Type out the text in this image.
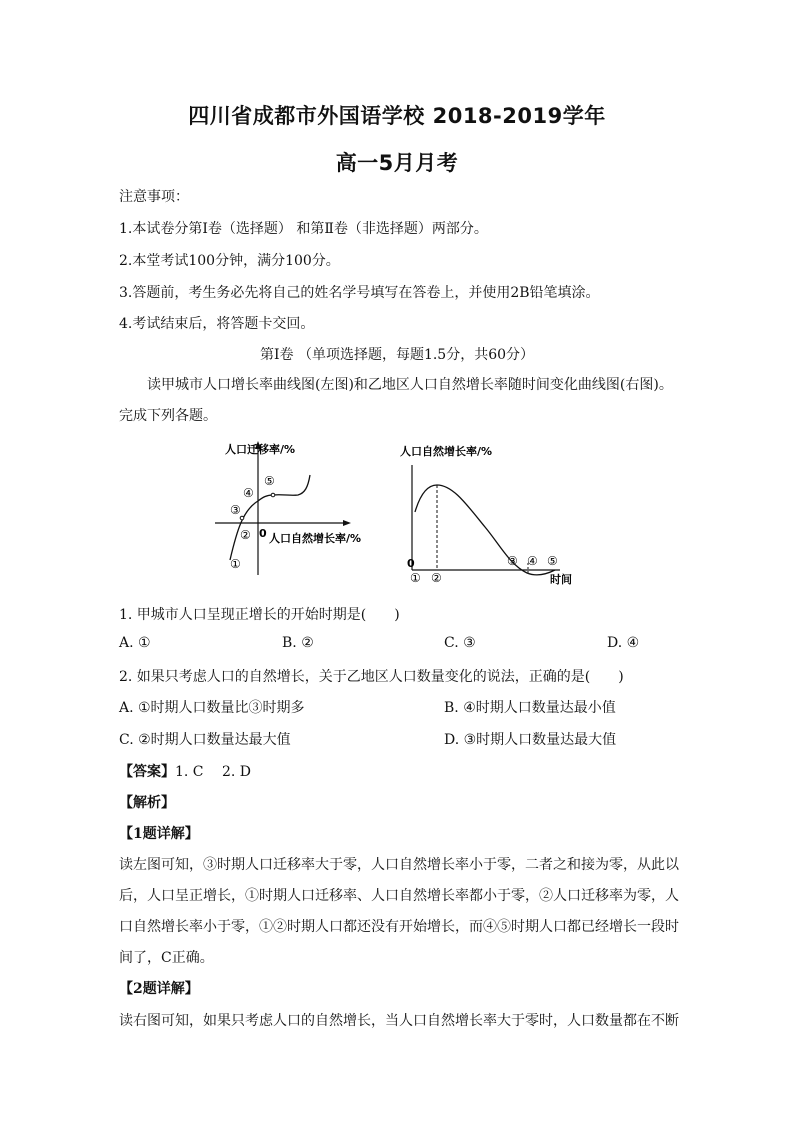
四川省成都市外国语学校 2018-2019学年
高一5月月考
注意事项：
1.本试卷分第Ⅰ卷（选择题） 和第Ⅱ卷（非选择题）两部分。
2.本堂考试100分钟，满分100分。
3.答题前，考生务必先将自己的姓名学号填写在答卷上，并使用2B铅笔填涂。
4.考试结束后，将答题卡交回。
第Ⅰ卷 （单项选择题，每题1.5分，共60分）
读甲城市人口增长率曲线图(左图)和乙地区人口自然增长率随时间变化曲线图(右图)。
完成下列各题。
人口迁移率/%
人口自然增长率/%
0
①
②
③
④
⑤
人口自然增长率/%
0
时间
① ②
③ ④ ⑤
1. 甲城市人口呈现正增长的开始时期是(　　)
A. ①	B. ②	C. ③	D. ④
2. 如果只考虑人口的自然增长，关于乙地区人口数量变化的说法，正确的是(　　)
A. ①时期人口数量比③时期多	B. ④时期人口数量达最小值
C. ②时期人口数量达最大值	D. ③时期人口数量达最大值
【答案】1. C　 2. D
【解析】
【1题详解】
读左图可知，③时期人口迁移率大于零，人口自然增长率小于零，二者之和接为零，从此以
后，人口呈正增长，①时期人口迁移率、人口自然增长率都小于零，②人口迁移率为零，人
口自然增长率小于零，①②时期人口都还没有开始增长，而④⑤时期人口都已经增长一段时
间了，C正确。
【2题详解】
读右图可知，如果只考虑人口的自然增长，当人口自然增长率大于零时，人口数量都在不断
